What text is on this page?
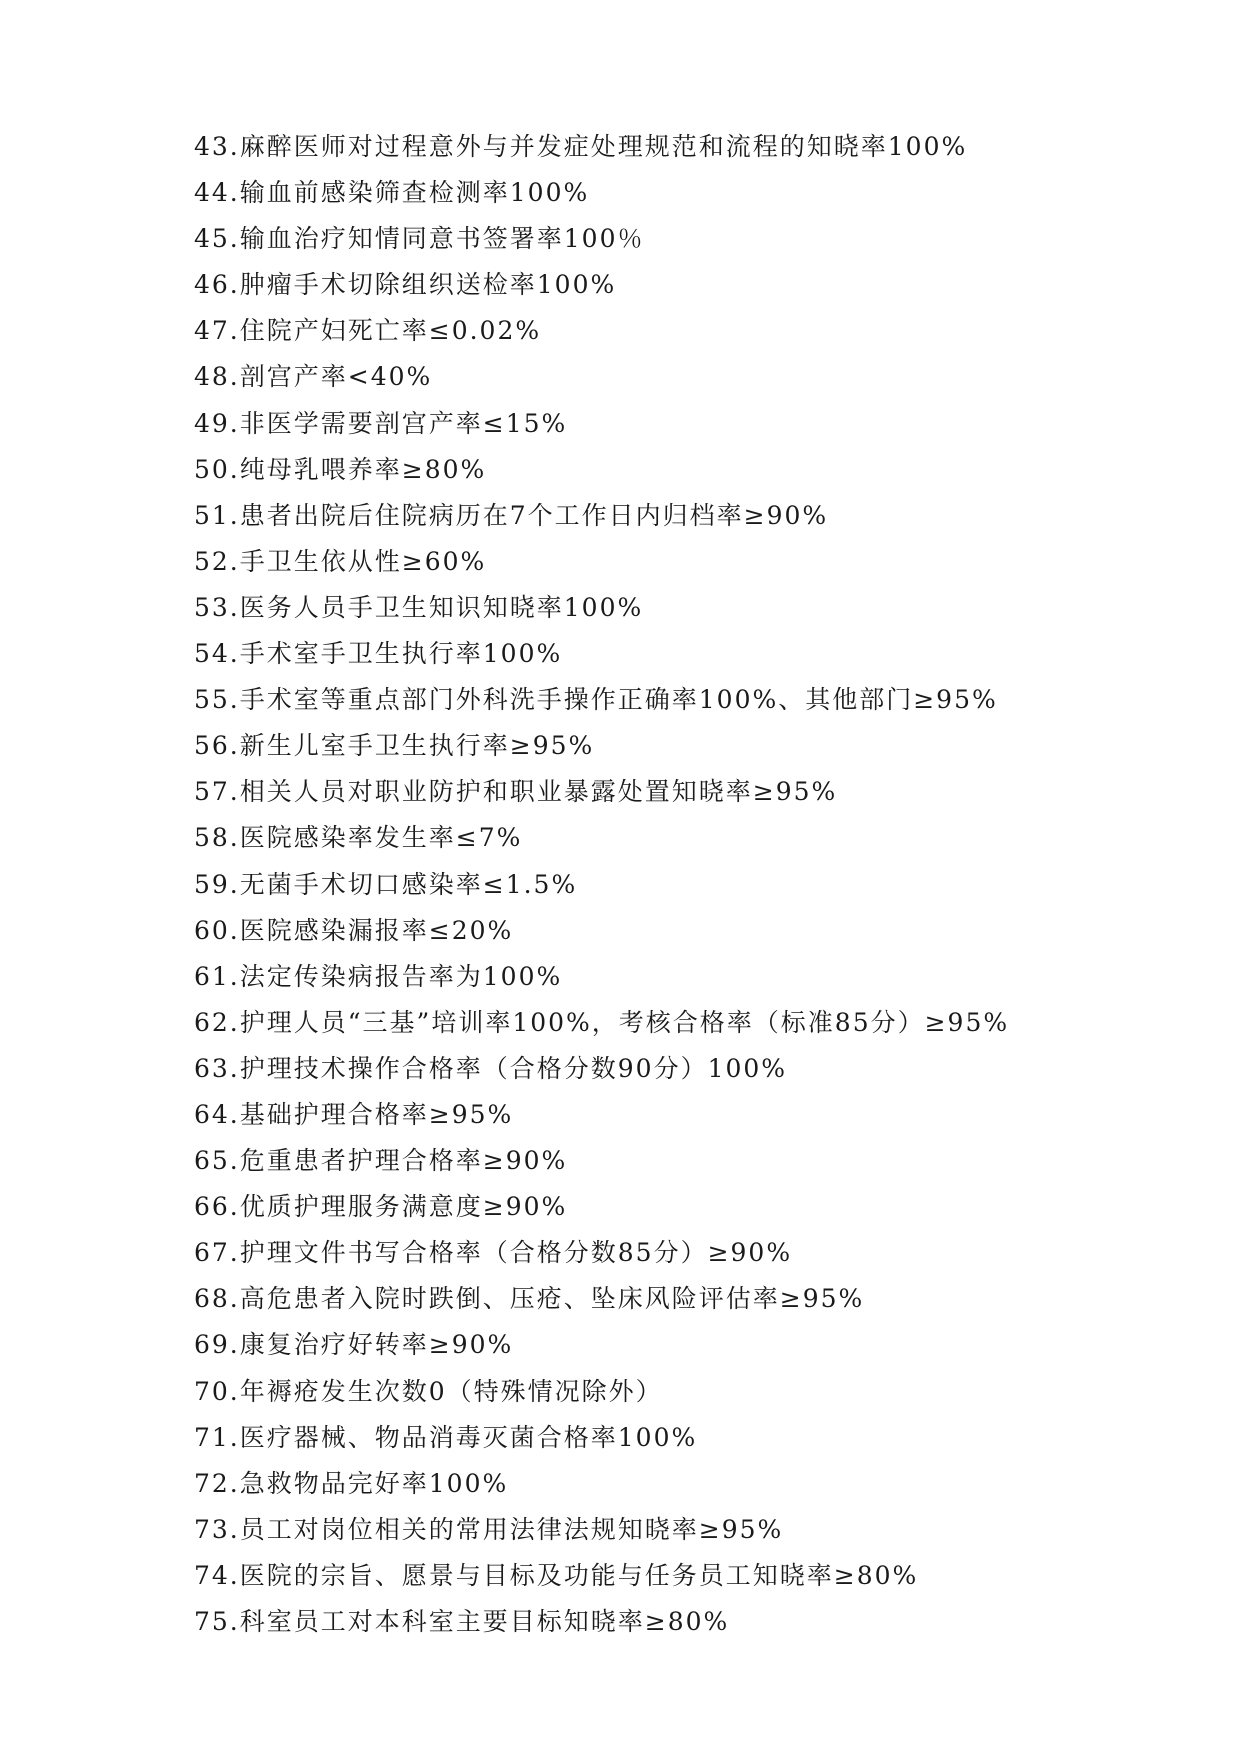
43.麻醉医师对过程意外与并发症处理规范和流程的知晓率100%
44.输血前感染筛查检测率100%
45.输血治疗知情同意书签署率100％
46.肿瘤手术切除组织送检率100%
47.住院产妇死亡率≤0.02%
48.剖宫产率<40%
49.非医学需要剖宫产率≤15%
50.纯母乳喂养率≥80%
51.患者出院后住院病历在7个工作日内归档率≥90%
52.手卫生依从性≥60%
53.医务人员手卫生知识知晓率100%
54.手术室手卫生执行率100%
55.手术室等重点部门外科洗手操作正确率100%、其他部门≥95%
56.新生儿室手卫生执行率≥95%
57.相关人员对职业防护和职业暴露处置知晓率≥95%
58.医院感染率发生率≤7%
59.无菌手术切口感染率≤1.5%
60.医院感染漏报率≤20%
61.法定传染病报告率为100%
62.护理人员“三基”培训率100%，考核合格率（标准85分）≥95%
63.护理技术操作合格率（合格分数90分）100%
64.基础护理合格率≥95%
65.危重患者护理合格率≥90%
66.优质护理服务满意度≥90%
67.护理文件书写合格率（合格分数85分）≥90%
68.高危患者入院时跌倒、压疮、坠床风险评估率≥95%
69.康复治疗好转率≥90%
70.年褥疮发生次数0（特殊情况除外）
71.医疗器械、物品消毒灭菌合格率100%
72.急救物品完好率100%
73.员工对岗位相关的常用法律法规知晓率≥95%
74.医院的宗旨、愿景与目标及功能与任务员工知晓率≥80%
75.科室员工对本科室主要目标知晓率≥80%
